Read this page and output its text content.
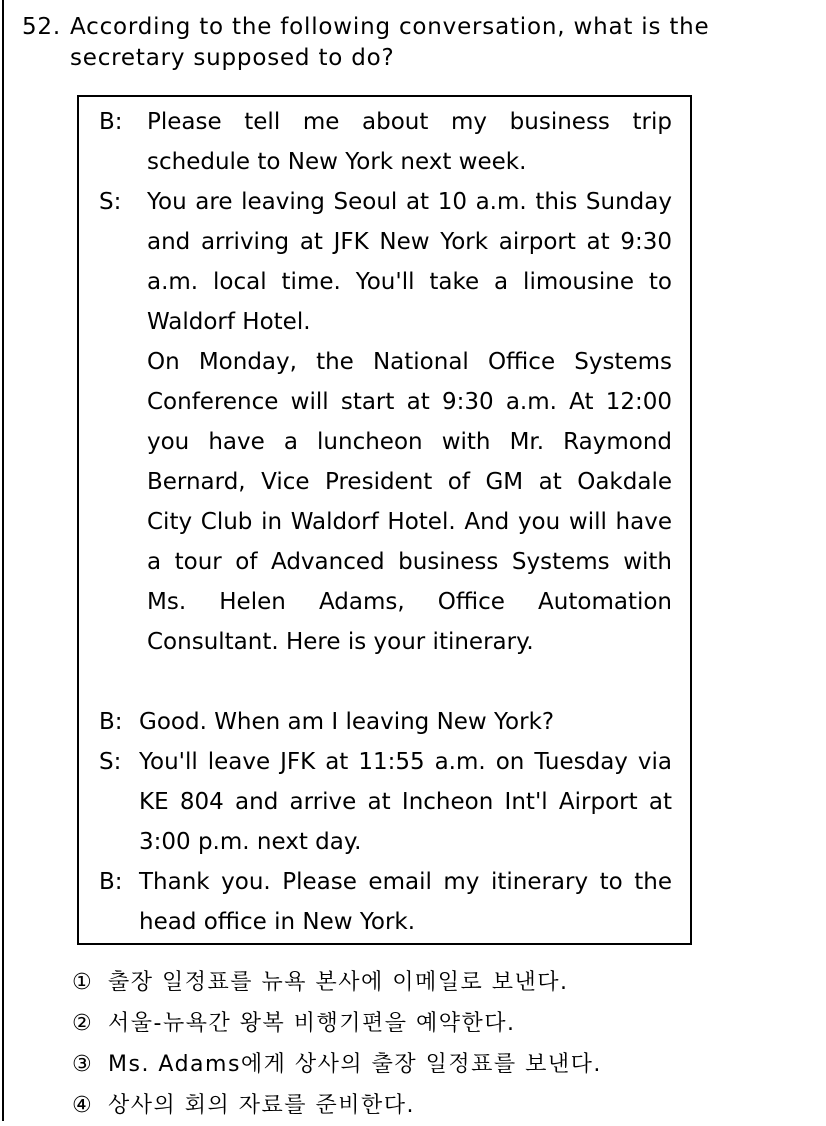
52. According to the following conversation, what is the
secretary supposed to do?
B: Please tell me about my business trip schedule to New York next week.
S: You are leaving Seoul at 10 a.m. this Sunday and arriving at JFK New York airport at 9:30 a.m. local time. You'll take a limousine to Waldorf Hotel.
On Monday, the National Office Systems Conference will start at 9:30 a.m. At 12:00 you have a luncheon with Mr. Raymond Bernard, Vice President of GM at Oakdale City Club in Waldorf Hotel. And you will have a tour of Advanced business Systems with Ms. Helen Adams, Office Automation Consultant. Here is your itinerary.
B: Good. When am I leaving New York?
S: You'll leave JFK at 11:55 a.m. on Tuesday via KE 804 and arrive at Incheon Int'l Airport at 3:00 p.m. next day.
B: Thank you. Please email my itinerary to the head office in New York.
① 출장 일정표를 뉴욕 본사에 이메일로 보낸다.
② 서울-뉴욕간 왕복 비행기편을 예약한다.
③ Ms. Adams에게 상사의 출장 일정표를 보낸다.
④ 상사의 회의 자료를 준비한다.
